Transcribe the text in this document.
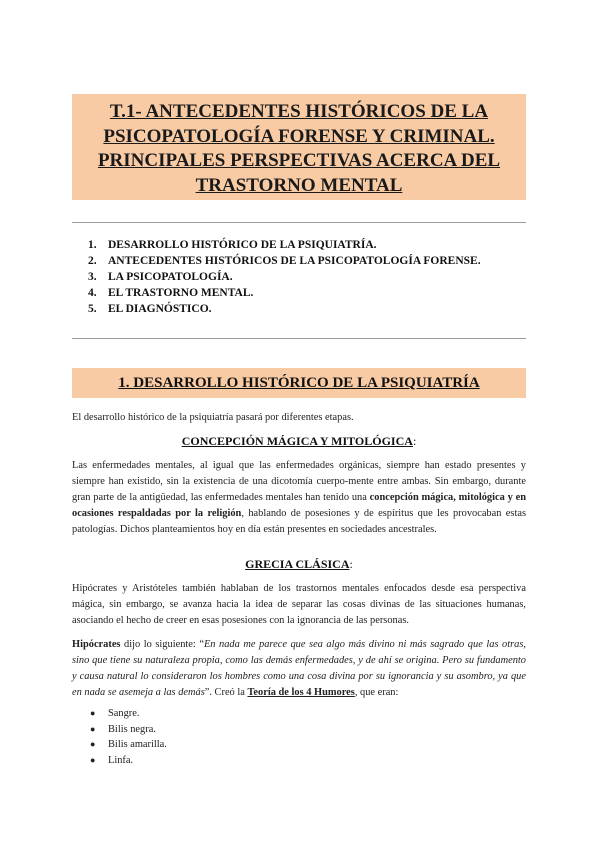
T.1- ANTECEDENTES HISTÓRICOS DE LA
PSICOPATOLOGÍA FORENSE Y CRIMINAL.
PRINCIPALES PERSPECTIVAS ACERCA DEL
TRASTORNO MENTAL
1. DESARROLLO HISTÓRICO DE LA PSIQUIATRÍA.
2. ANTECEDENTES HISTÓRICOS DE LA PSICOPATOLOGÍA FORENSE.
3. LA PSICOPATOLOGÍA.
4. EL TRASTORNO MENTAL.
5. EL DIAGNÓSTICO.
1. DESARROLLO HISTÓRICO DE LA PSIQUIATRÍA
El desarrollo histórico de la psiquiatría pasará por diferentes etapas.
CONCEPCIÓN MÁGICA Y MITOLÓGICA:
Las enfermedades mentales, al igual que las enfermedades orgánicas, siempre han estado presentes y siempre han existido, sin la existencia de una dicotomía cuerpo-mente entre ambas. Sin embargo, durante gran parte de la antigüedad, las enfermedades mentales han tenido una concepción mágica, mitológica y en ocasiones respaldadas por la religión, hablando de posesiones y de espíritus que les provocaban estas patologías. Dichos planteamientos hoy en día están presentes en sociedades ancestrales.
GRECIA CLÁSICA:
Hipócrates y Aristóteles también hablaban de los trastornos mentales enfocados desde esa perspectiva mágica, sin embargo, se avanza hacia la idea de separar las cosas divinas de las situaciones humanas, asociando el hecho de creer en esas posesiones con la ignorancia de las personas.
Hipócrates dijo lo siguiente: “En nada me parece que sea algo más divino ni más sagrado que las otras, sino que tiene su naturaleza propia, como las demás enfermedades, y de ahí se origina. Pero su fundamento y causa natural lo consideraron los hombres como una cosa divina por su ignorancia y su asombro, ya que en nada se asemeja a las demás”. Creó la Teoría de los 4 Humores, que eran:
● Sangre.
● Bilis negra.
● Bilis amarilla.
● Linfa.
